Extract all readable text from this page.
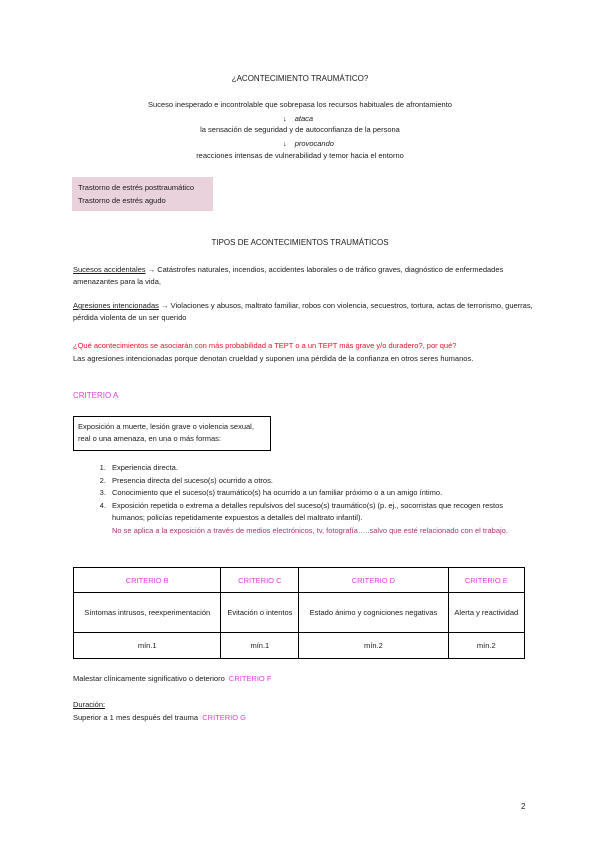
¿ACONTECIMIENTO TRAUMÁTICO?
Suceso inesperado e incontrolable que sobrepasa los recursos habituales de afrontamiento
↓ ataca
la sensación de seguridad y de autoconfianza de la persona
↓ provocando
reacciones intensas de vulnerabilidad y temor hacia el entorno
Trastorno de estrés posttraumático
Trastorno de estrés agudo
TIPOS DE ACONTECIMIENTOS TRAUMÁTICOS
Sucesos accidentales → Catástrofes naturales, incendios, accidentes laborales o de tráfico graves, diagnóstico de enfermedades amenazantes para la vida,
Agresiones intencionadas → Violaciones y abusos, maltrato familiar, robos con violencia, secuestros, tortura, actas de terrorismo, guerras, pérdida violenta de un ser querido
¿Qué acontecimientos se asociarán con más probabilidad a TEPT o a un TEPT más grave y/o duradero?, por qué?
Las agresiones intencionadas porque denotan crueldad y suponen una pérdida de la confianza en otros seres humanos.
CRITERIO A
Exposición a muerte, lesión grave o violencia sexual, real o una amenaza, en una o más formas:
1. Experiencia directa.
2. Presencia directa del suceso(s) ocurrido a otros.
3. Conocimiento que el suceso(s) traumático(s) ha ocurrido a un familiar próximo o a un amigo íntimo.
4. Exposición repetida o extrema a detalles repulsivos del suceso(s) traumático(s) (p. ej., socorristas que recogen restos humanos; policías repetidamente expuestos a detalles del maltrato infantil).
No se aplica a la exposición a través de medios electrónicos, tv, fotografía…..salvo que esté relacionado con el trabajo.
CRITERIO B	CRITERIO C	CRITERIO D	CRITERIO E
Síntomas intrusos, reexperimentación	Evitación o intentos	Estado ánimo y cogniciones negativas	Alerta y reactividad
mín.1	mín.1	mín.2	mín.2
Malestar clínicamente significativo o deterioro CRITERIO F
Duración:
Superior a 1 mes después del trauma CRITERIO G
2
